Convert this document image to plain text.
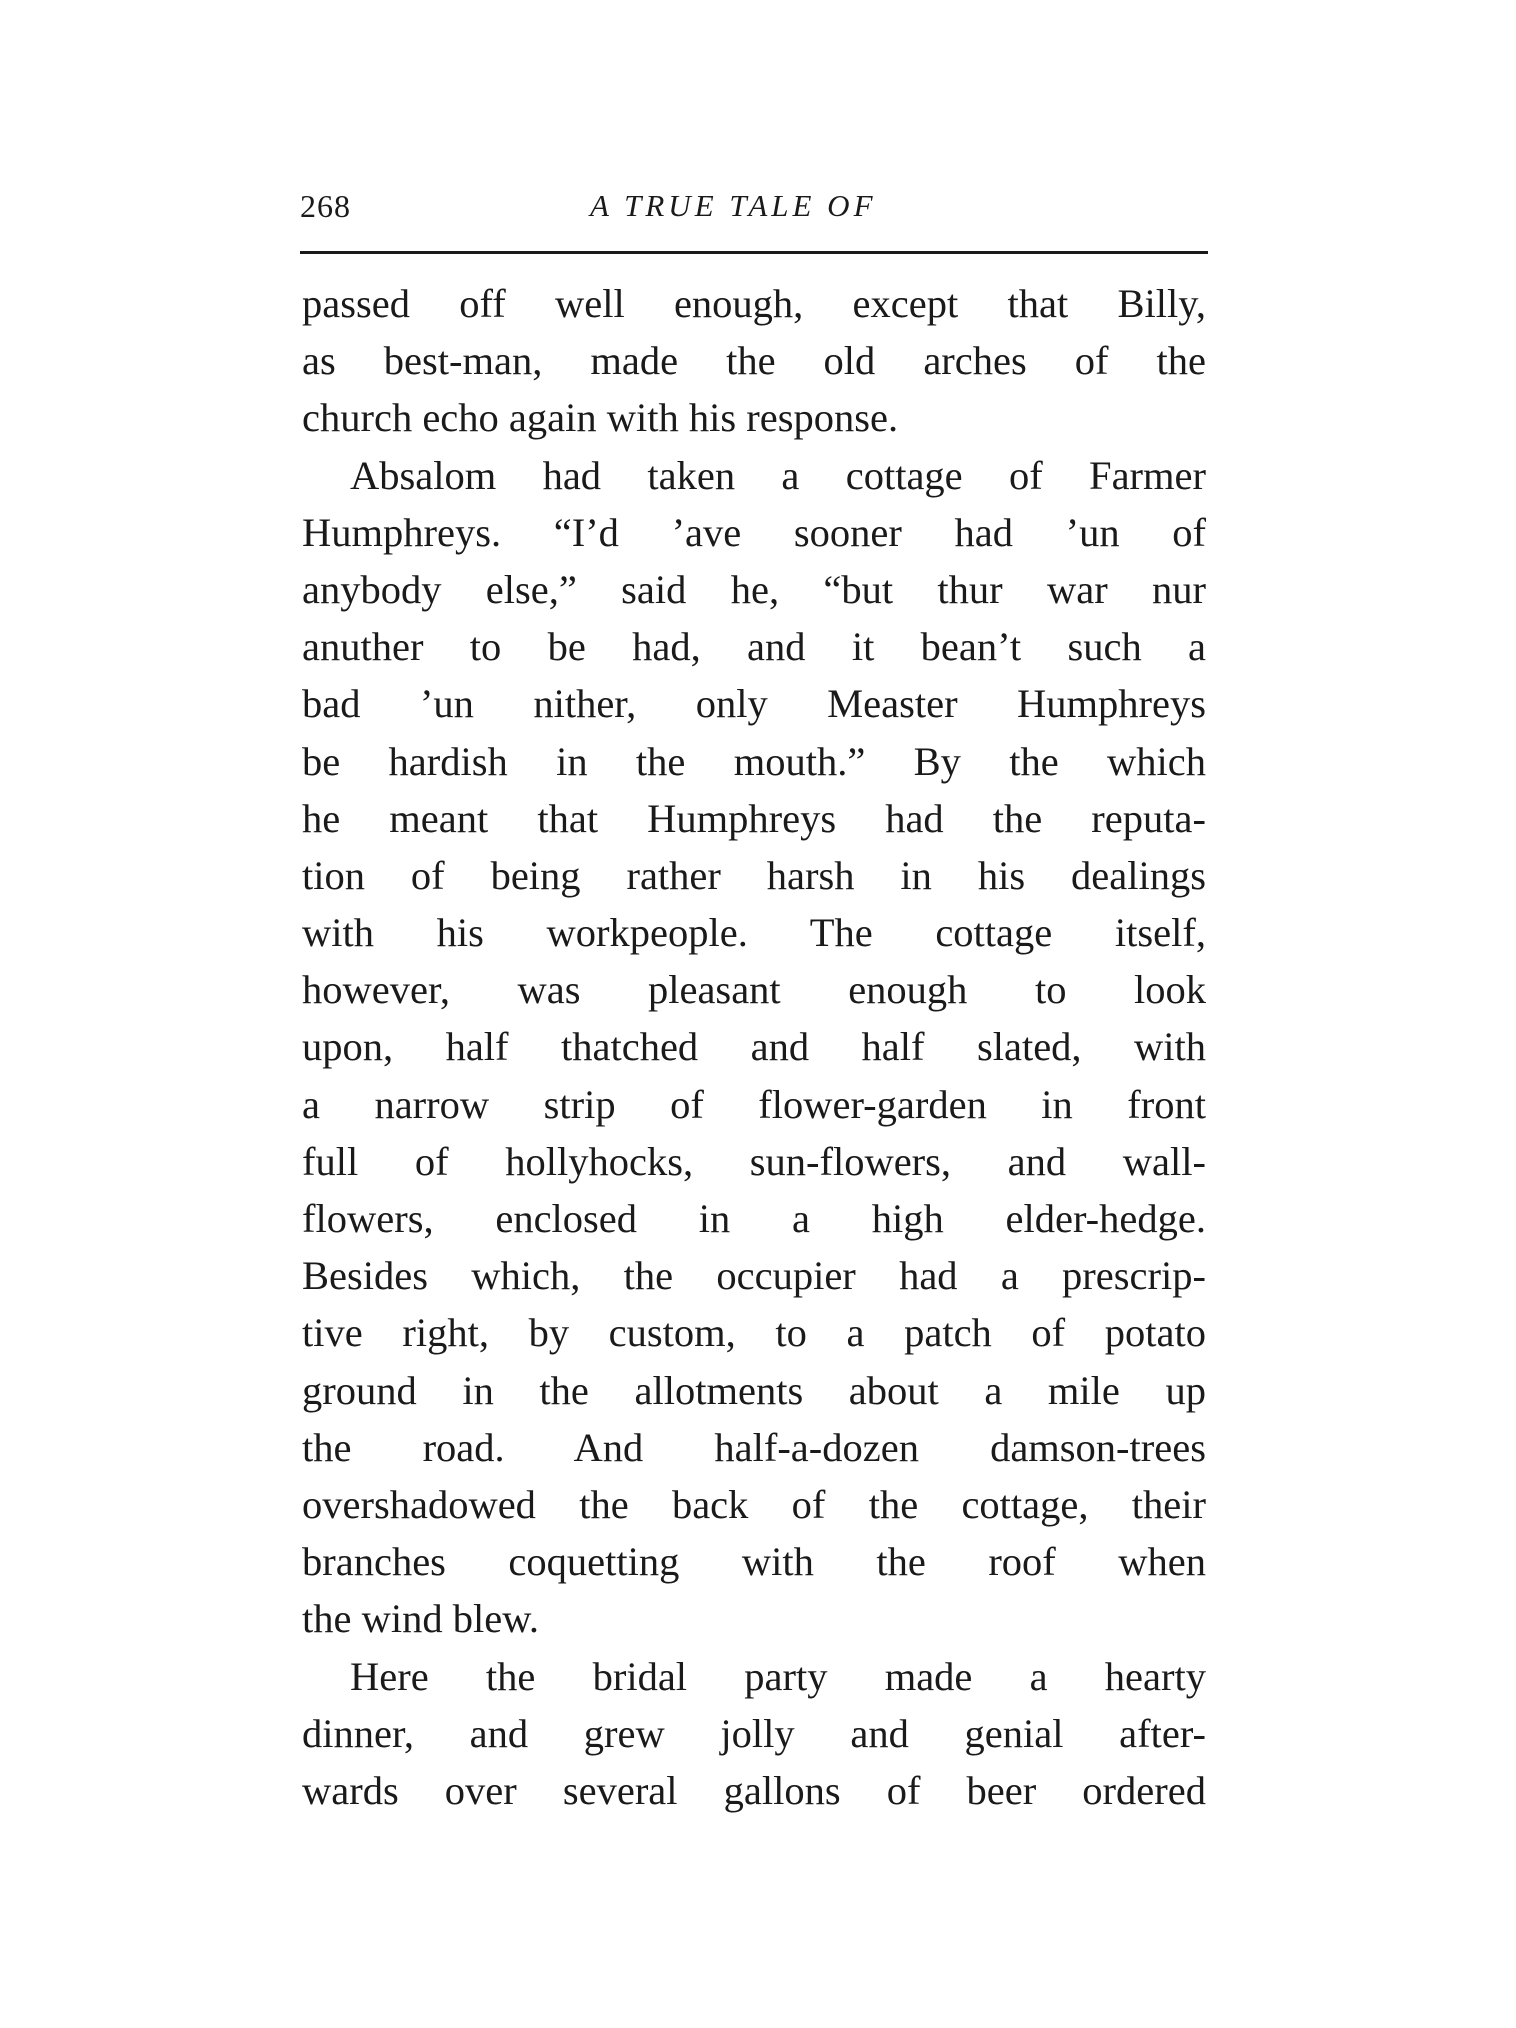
268	A TRUE TALE OF
passed off well enough, except that Billy,
as best-man, made the old arches of the
church echo again with his response.
Absalom had taken a cottage of Farmer
Humphreys. “I’d ’ave sooner had ’un of
anybody else,” said he, “but thur war nur
anuther to be had, and it bean’t such a
bad ’un nither, only Measter Humphreys
be hardish in the mouth.” By the which
he meant that Humphreys had the reputa-
tion of being rather harsh in his dealings
with his workpeople. The cottage itself,
however, was pleasant enough to look
upon, half thatched and half slated, with
a narrow strip of flower-garden in front
full of hollyhocks, sun-flowers, and wall-
flowers, enclosed in a high elder-hedge.
Besides which, the occupier had a prescrip-
tive right, by custom, to a patch of potato
ground in the allotments about a mile up
the road. And half-a-dozen damson-trees
overshadowed the back of the cottage, their
branches coquetting with the roof when
the wind blew.
Here the bridal party made a hearty
dinner, and grew jolly and genial after-
wards over several gallons of beer ordered
